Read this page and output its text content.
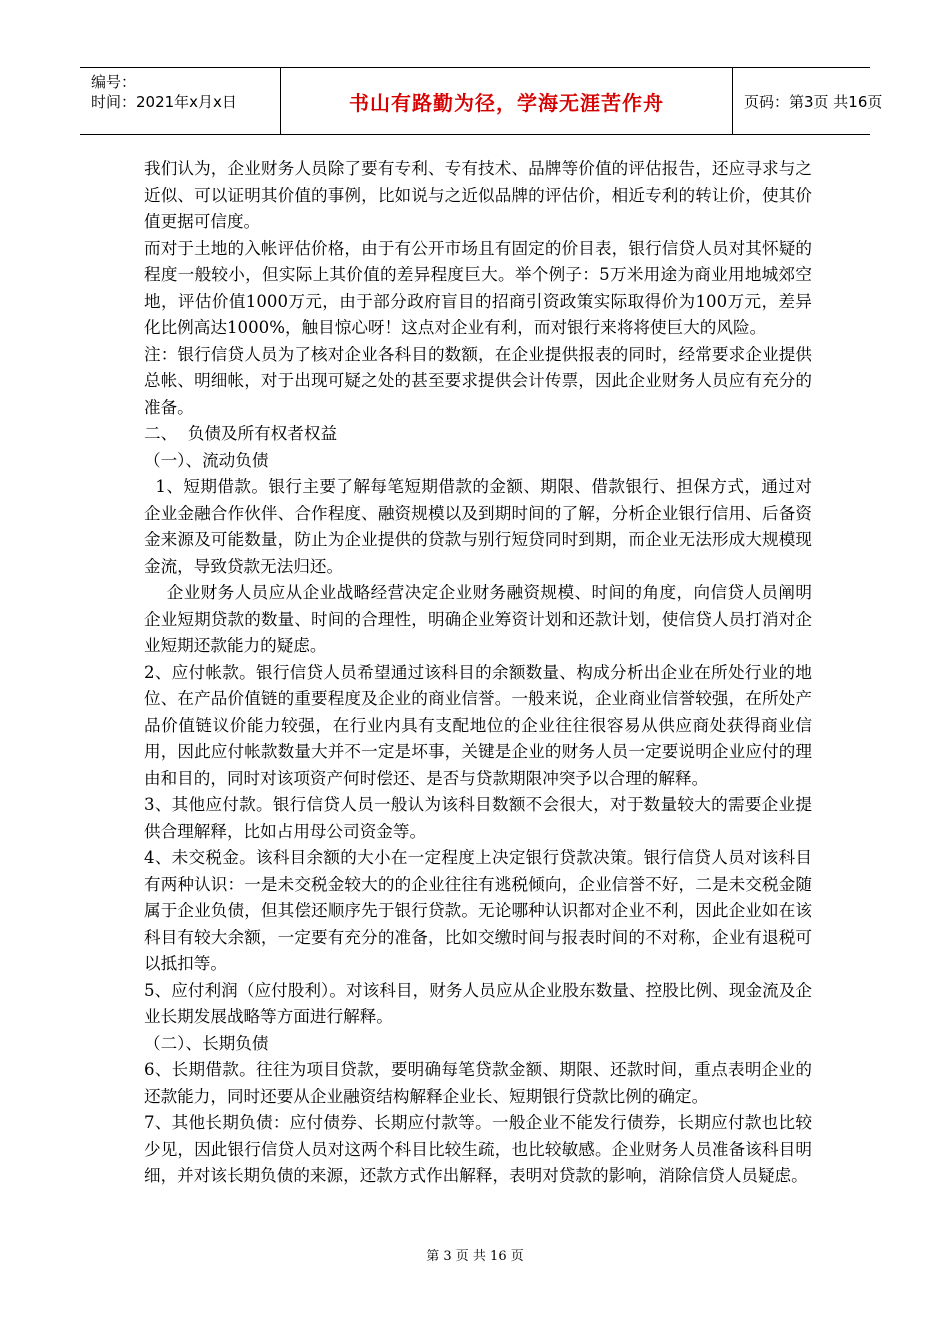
编号：
时间：2021年x月x日	书山有路勤为径，学海无涯苦作舟	页码：第3页 共16页

我们认为，企业财务人员除了要有专利、专有技术、品牌等价值的评估报告，还应寻求与之近似、可以证明其价值的事例，比如说与之近似品牌的评估价，相近专利的转让价，使其价值更据可信度。

而对于土地的入帐评估价格，由于有公开市场且有固定的价目表，银行信贷人员对其怀疑的程度一般较小，但实际上其价值的差异程度巨大。举个例子：5万米用途为商业用地城郊空地，评估价值1000万元，由于部分政府盲目的招商引资政策实际取得价为100万元，差异化比例高达1000%，触目惊心呀！这点对企业有利，而对银行来将将使巨大的风险。

注：银行信贷人员为了核对企业各科目的数额，在企业提供报表的同时，经常要求企业提供总帐、明细帐，对于出现可疑之处的甚至要求提供会计传票，因此企业财务人员应有充分的准备。

二、  负债及所有权者权益

（一）、流动负债

1、短期借款。银行主要了解每笔短期借款的金额、期限、借款银行、担保方式，通过对企业金融合作伙伴、合作程度、融资规模以及到期时间的了解，分析企业银行信用、后备资金来源及可能数量，防止为企业提供的贷款与别行短贷同时到期，而企业无法形成大规模现金流，导致贷款无法归还。

企业财务人员应从企业战略经营决定企业财务融资规模、时间的角度，向信贷人员阐明企业短期贷款的数量、时间的合理性，明确企业筹资计划和还款计划，使信贷人员打消对企业短期还款能力的疑虑。

2、应付帐款。银行信贷人员希望通过该科目的余额数量、构成分析出企业在所处行业的地位、在产品价值链的重要程度及企业的商业信誉。一般来说，企业商业信誉较强，在所处产品价值链议价能力较强，在行业内具有支配地位的企业往往很容易从供应商处获得商业信用，因此应付帐款数量大并不一定是坏事，关键是企业的财务人员一定要说明企业应付的理由和目的，同时对该项资产何时偿还、是否与贷款期限冲突予以合理的解释。

3、其他应付款。银行信贷人员一般认为该科目数额不会很大，对于数量较大的需要企业提供合理解释，比如占用母公司资金等。

4、未交税金。该科目余额的大小在一定程度上决定银行贷款决策。银行信贷人员对该科目有两种认识：一是未交税金较大的的企业往往有逃税倾向，企业信誉不好，二是未交税金随属于企业负债，但其偿还顺序先于银行贷款。无论哪种认识都对企业不利，因此企业如在该科目有较大余额，一定要有充分的准备，比如交缴时间与报表时间的不对称，企业有退税可以抵扣等。

5、应付利润（应付股利）。对该科目，财务人员应从企业股东数量、控股比例、现金流及企业长期发展战略等方面进行解释。

（二）、长期负债

6、长期借款。往往为项目贷款，要明确每笔贷款金额、期限、还款时间，重点表明企业的还款能力，同时还要从企业融资结构解释企业长、短期银行贷款比例的确定。

7、其他长期负债：应付债券、长期应付款等。一般企业不能发行债券，长期应付款也比较少见，因此银行信贷人员对这两个科目比较生疏，也比较敏感。企业财务人员准备该科目明细，并对该长期负债的来源，还款方式作出解释，表明对贷款的影响，消除信贷人员疑虑。

第 3 页 共 16 页
